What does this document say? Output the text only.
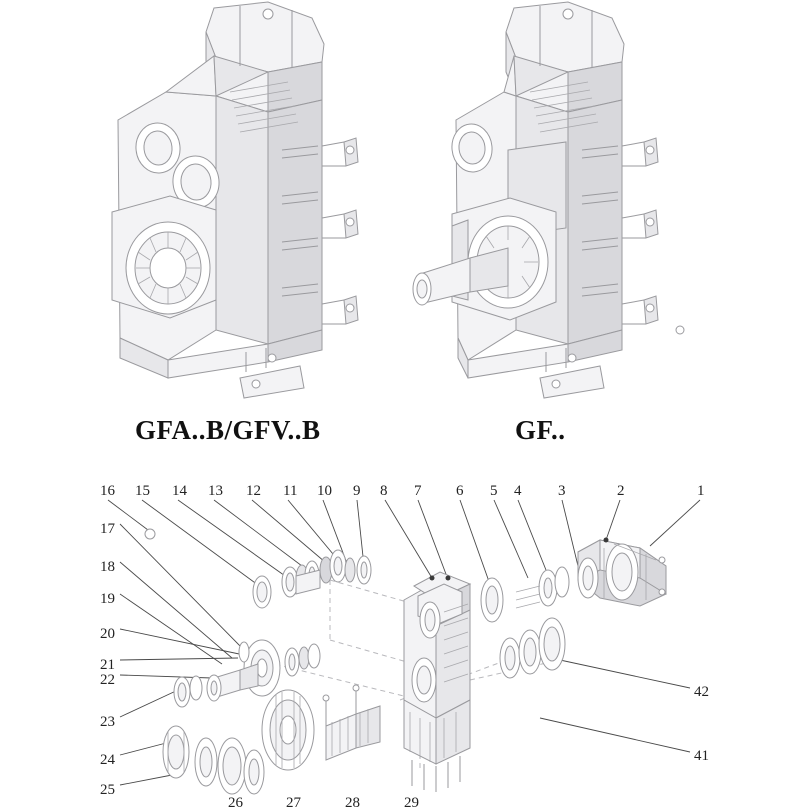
GFA..B/GFV..B	GF..
16 15 14 13 12 11 10 9 8 7 6 5 4 3	2	1
17
18
19
20
21
22
23
24
25
42
41
26	27	28	29
